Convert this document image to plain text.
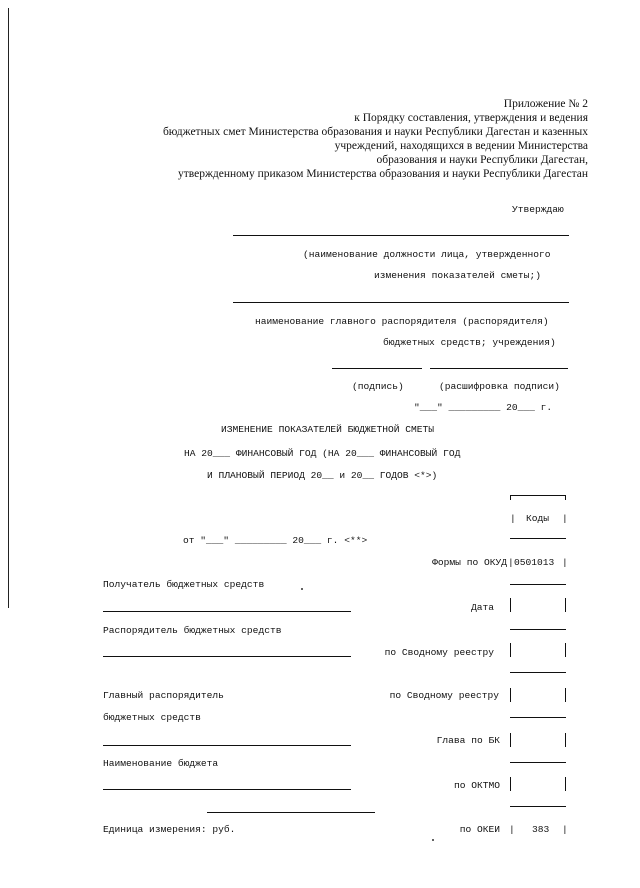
Приложение № 2
к Порядку составления, утверждения и ведения
бюджетных смет Министерства образования и науки Республики Дагестан и казенных
учреждений, находящихся в ведении Министерства
образования и науки Республики Дагестан,
утвержденному приказом Министерства образования и науки Республики Дагестан
Утверждаю
(наименование должности лица, утвержденного
изменения показателей сметы;)
наименование главного распорядителя (распорядителя)
бюджетных средств; учреждения)
(подпись)	(расшифровка подписи)
"___" _________ 20___ г.
ИЗМЕНЕНИЕ ПОКАЗАТЕЛЕЙ БЮДЖЕТНОЙ СМЕТЫ
НА 20___ ФИНАНСОВЫЙ ГОД (НА 20___ ФИНАНСОВЫЙ ГОД
И ПЛАНОВЫЙ ПЕРИОД 20__ и 20__ ГОДОВ <*>)
| Коды |
от "___" _________ 20___ г. <**>
Формы по ОКУД | 0501013 |
Получатель бюджетных средств
Дата
Распорядитель бюджетных средств
по Сводному реестру
Главный распорядитель	по Сводному реестру
бюджетных средств
Глава по БК
Наименование бюджета
по ОКТМО
Единица измерения: руб.	по ОКЕИ | 383 |
